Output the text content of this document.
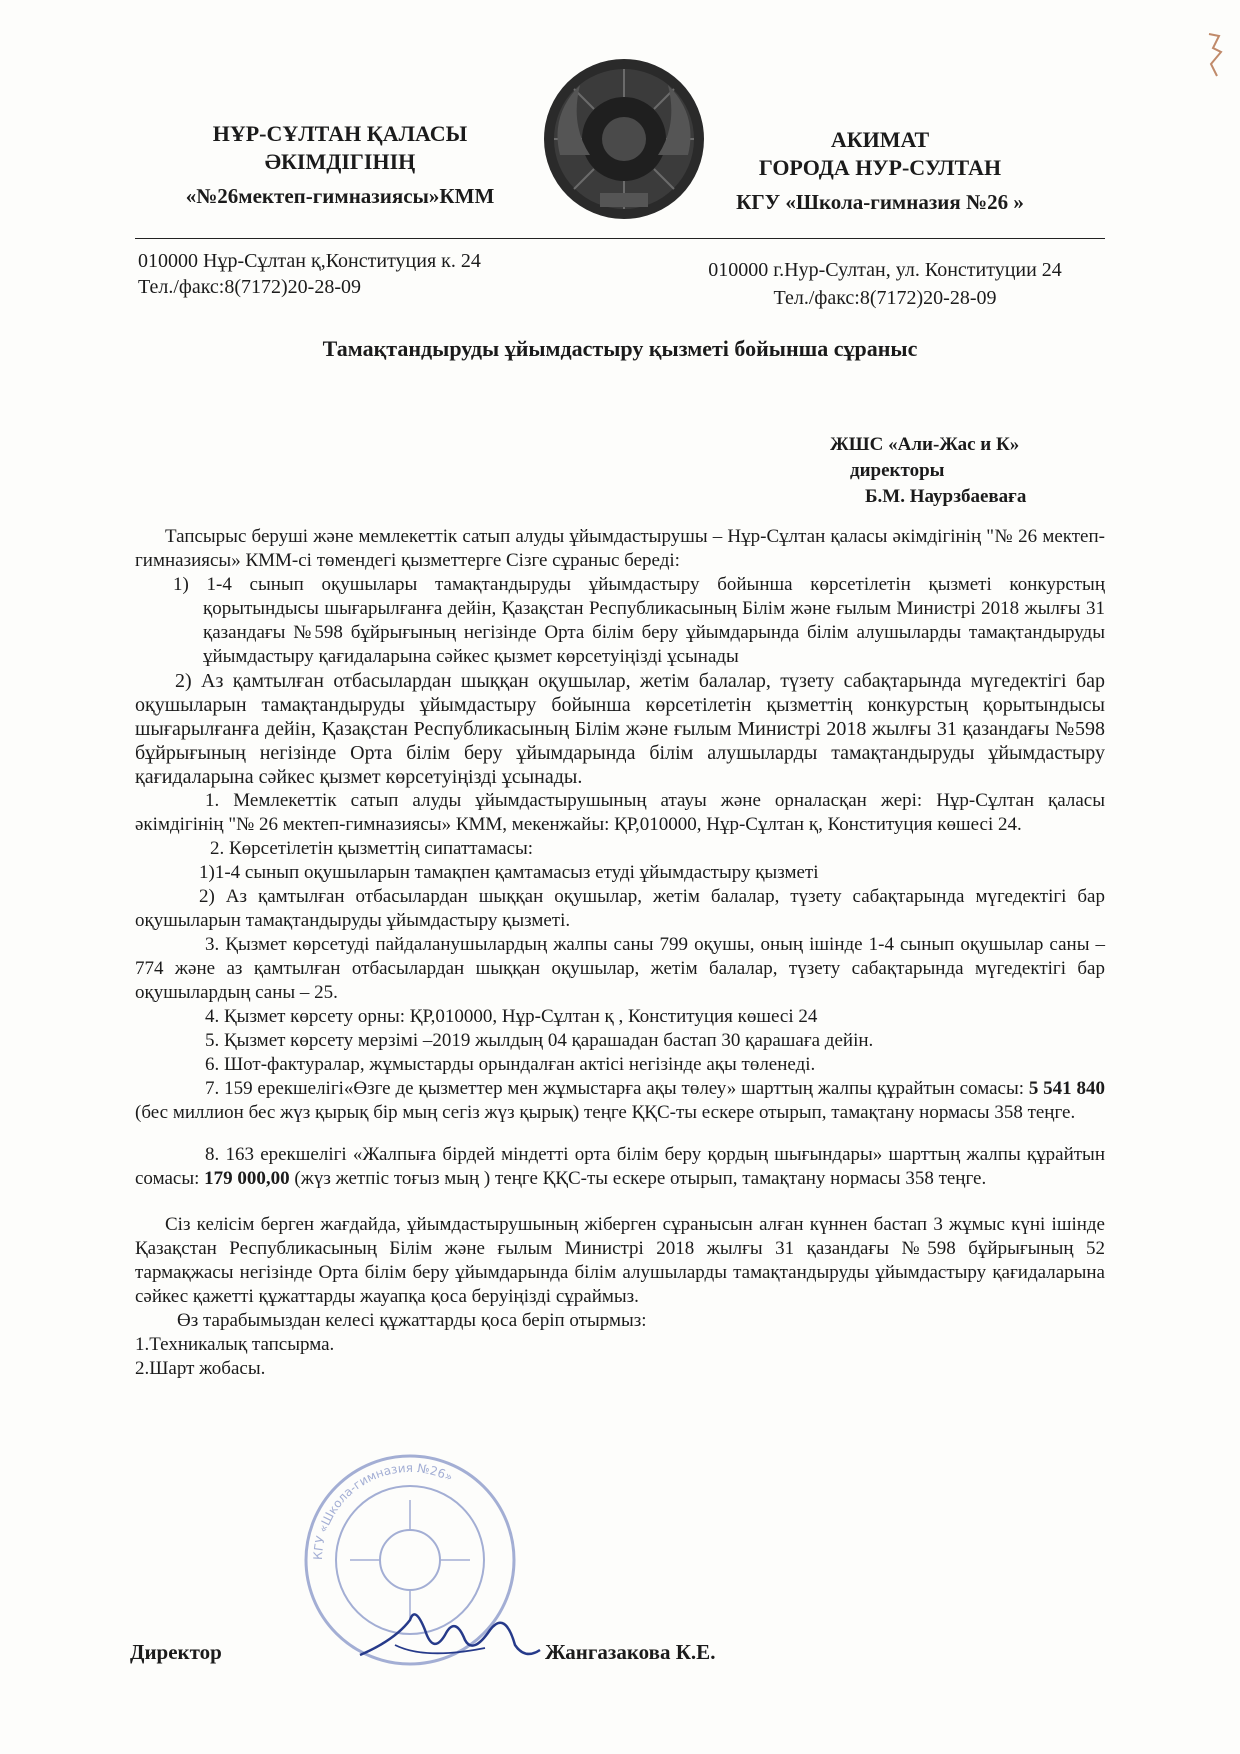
НҰР-СҰЛТАН ҚАЛАСЫ
ӘКІМДІГІНІҢ
«№26мектеп-гимназиясы»КММ
АКИМАТ
ГОРОДА НУР-СУЛТАН
КГУ «Школа-гимназия №26 »
010000 Нұр-Сұлтан қ,Конституция к. 24
Тел./факс:8(7172)20-28-09
010000 г.Нур-Султан, ул. Конституции 24
Тел./факс:8(7172)20-28-09
Тамақтандыруды ұйымдастыру қызметі бойынша сұраныс
ЖШС «Али-Жас и К»
директоры
Б.М. Наурзбаеваға

Тапсырыс беруші және мемлекеттік сатып алуды ұйымдастырушы – Нұр-Сұлтан қаласы әкімдігінің "№ 26 мектеп-гимназиясы» КММ-сі төмендегі қызметтерге Сізге сұраныс береді:

1) 1-4 сынып оқушылары тамақтандыруды ұйымдастыру бойынша көрсетілетін қызметі конкурстың қорытындысы шығарылғанға дейін, Қазақстан Республикасының Білім және ғылым Министрі 2018 жылғы 31 қазандағы №598 бұйрығының негізінде Орта білім беру ұйымдарында білім алушыларды тамақтандыруды ұйымдастыру қағидаларына сәйкес қызмет көрсетуіңізді ұсынады

2) Аз қамтылған отбасылардан шыққан оқушылар, жетім балалар, түзету сабақтарында мүгедектігі бар оқушыларын тамақтандыруды ұйымдастыру бойынша көрсетілетін қызметтің конкурстың қорытындысы шығарылғанға дейін, Қазақстан Республикасының Білім және ғылым Министрі 2018 жылғы 31 қазандағы №598 бұйрығының негізінде Орта білім беру ұйымдарында білім алушыларды тамақтандыруды ұйымдастыру қағидаларына сәйкес қызмет көрсетуіңізді ұсынады.

1. Мемлекеттік сатып алуды ұйымдастырушының атауы және орналасқан жері: Нұр-Сұлтан қаласы әкімдігінің "№ 26 мектеп-гимназиясы» КММ, мекенжайы: ҚР,010000, Нұр-Сұлтан қ, Конституция көшесі 24.

2. Көрсетілетін қызметтің сипаттамасы:

1)1-4 сынып оқушыларын тамақпен қамтамасыз етуді ұйымдастыру қызметі

2) Аз қамтылған отбасылардан шыққан оқушылар, жетім балалар, түзету сабақтарында мүгедектігі бар оқушыларын тамақтандыруды ұйымдастыру қызметі.

3. Қызмет көрсетуді пайдаланушылардың жалпы саны 799 оқушы, оның ішінде 1-4 сынып оқушылар саны – 774 және аз қамтылған отбасылардан шыққан оқушылар, жетім балалар, түзету сабақтарында мүгедектігі бар оқушылардың саны – 25.

4. Қызмет көрсету орны: ҚР,010000, Нұр-Сұлтан қ , Конституция көшесі 24

5. Қызмет көрсету мерзімі –2019 жылдың 04 қарашадан бастап 30 қарашаға дейін.

6. Шот-фактуралар, жұмыстарды орындалған актісі негізінде ақы төленеді.

7. 159 ерекшелігі«Өзге де қызметтер мен жұмыстарға ақы төлеу» шарттың жалпы құрайтын сомасы: 5 541 840 (бес миллион бес жүз қырық бір мың сегіз жүз қырық) теңге ҚҚС-ты ескере отырып, тамақтану нормасы 358 теңге.

8. 163 ерекшелігі «Жалпыға бірдей міндетті орта білім беру қордың шығындары» шарттың жалпы құрайтын сомасы: 179 000,00 (жүз жетпіс тоғыз мың ) теңге ҚҚС-ты ескере отырып, тамақтану нормасы 358 теңге.

Сіз келісім берген жағдайда, ұйымдастырушының жіберген сұранысын алған күннен бастап 3 жұмыс күні ішінде Қазақстан Республикасының Білім және ғылым Министрі 2018 жылғы 31 қазандағы №598 бұйрығының 52 тармақжасы негізінде Орта білім беру ұйымдарында білім алушыларды тамақтандыруды ұйымдастыру қағидаларына сәйкес қажетті құжаттарды жауапқа қоса беруіңізді сұраймыз.

Өз тарабымыздан келесі құжаттарды қоса беріп отырмыз:

1.Техникалық тапсырма.

2.Шарт жобасы.

КГУ «Школа-гимназия №26»
Директор	Жангазакова К.Е.
